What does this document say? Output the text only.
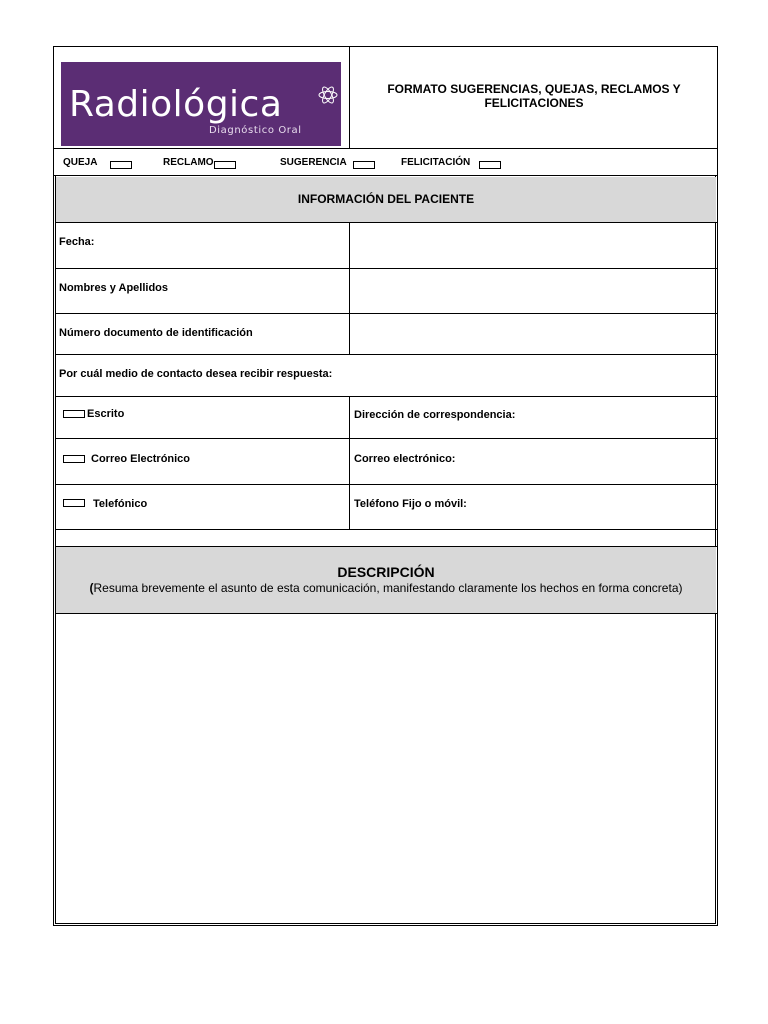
Radiológica
Diagnóstico Oral
FORMATO SUGERENCIAS, QUEJAS, RECLAMOS Y FELICITACIONES
QUEJA	RECLAMO	SUGERENCIA	FELICITACIÓN
INFORMACIÓN DEL PACIENTE
Fecha:
Nombres y Apellidos
Número documento de identificación
Por cuál medio de contacto desea recibir respuesta:
Escrito	Dirección de correspondencia:
Correo Electrónico	Correo electrónico:
Telefónico	Teléfono Fijo o móvil:
DESCRIPCIÓN
(Resuma brevemente el asunto de esta comunicación, manifestando claramente los hechos en forma concreta)
